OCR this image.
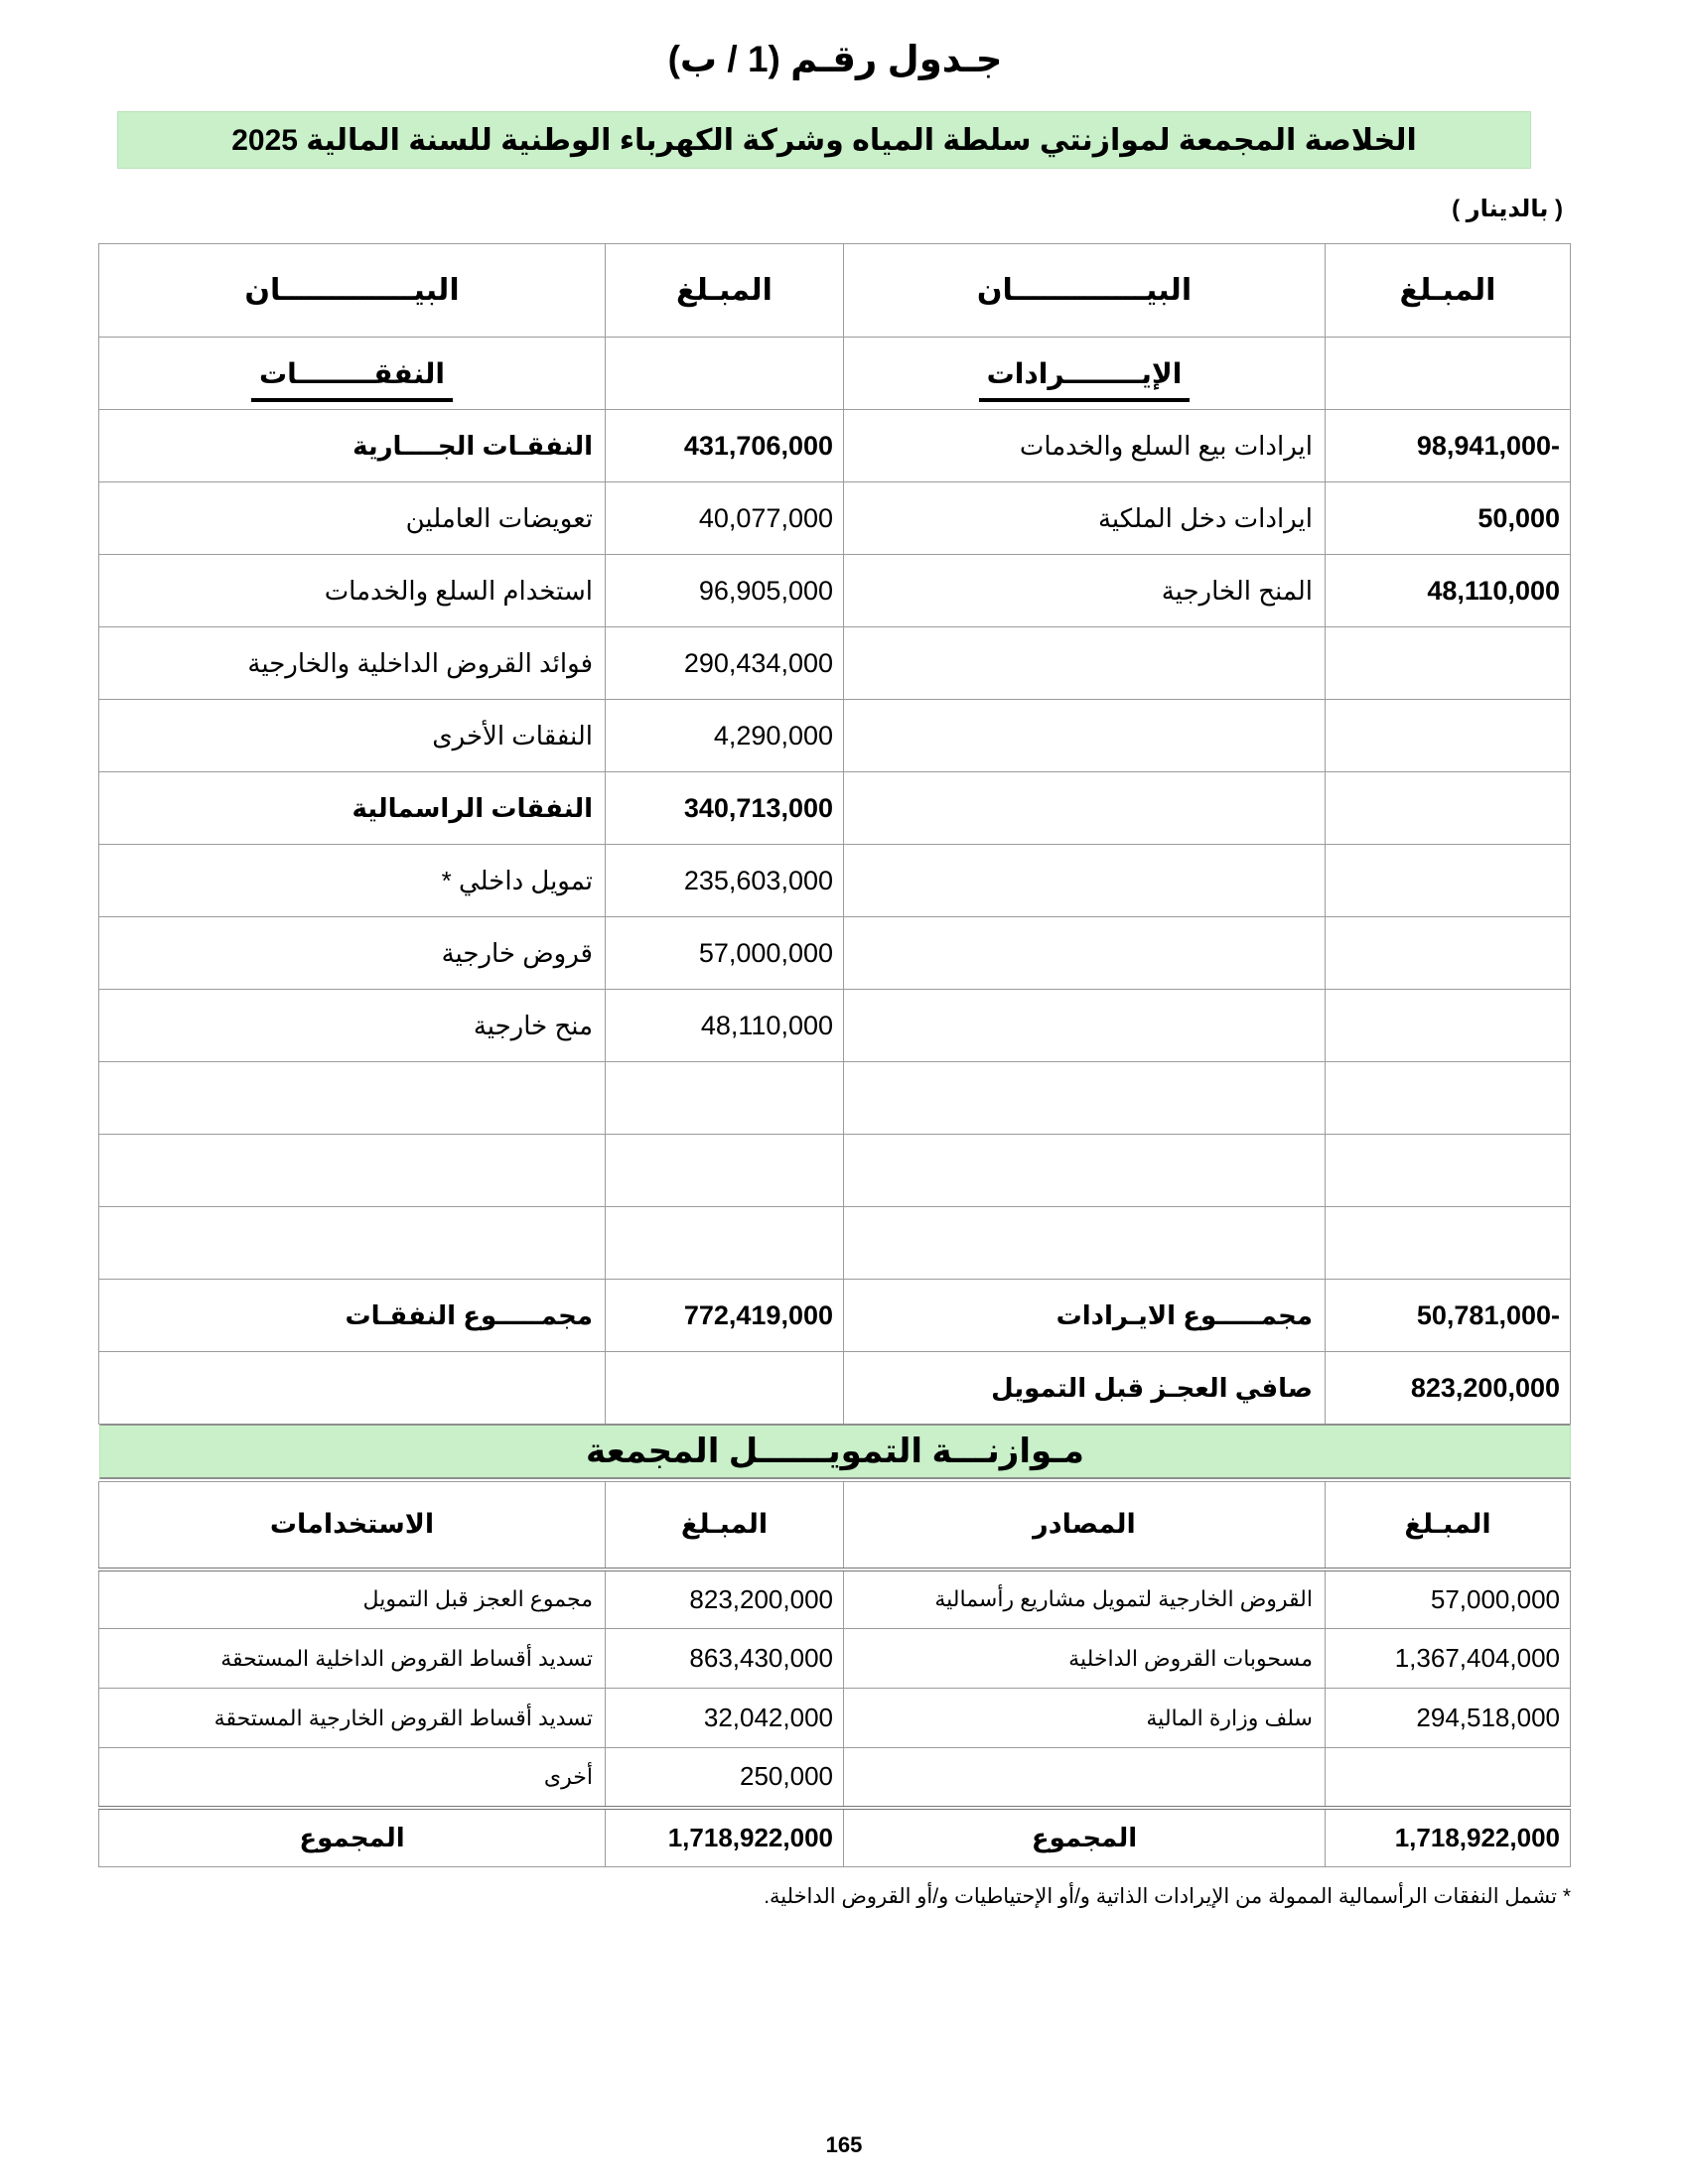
جـدول رقـم (1 / ب)
الخلاصة المجمعة لموازنتي سلطة المياه وشركة الكهرباء الوطنية للسنة المالية 2025
( بالدينار )
المبـلغ	البيـــــــــــــان	المبـلغ	البيـــــــــــــان
	الإيــــــــرادات		النفقــــــــات
98,941,000-	ايرادات بيع السلع والخدمات	431,706,000	النفقـات الجــــارية
50,000	ايرادات دخل الملكية	40,077,000	تعويضات العاملين
48,110,000	المنح الخارجية	96,905,000	استخدام السلع والخدمات
		290,434,000	فوائد القروض الداخلية والخارجية
		4,290,000	النفقات الأخرى
		340,713,000	النفقات الراسمالية
		235,603,000	تمويل داخلي *
		57,000,000	قروض خارجية
		48,110,000	منح خارجية

50,781,000-	مجمـــــوع الايـرادات	772,419,000	مجمـــــوع النفقـات
823,200,000	صافي العجـز قبل التمويل		
مـوازنـــة التمويــــــل المجمعة
المبـلغ	المصادر	المبـلغ	الاستخدامات
57,000,000	القروض الخارجية لتمويل مشاريع رأسمالية	823,200,000	مجموع العجز قبل التمويل
1,367,404,000	مسحوبات القروض الداخلية	863,430,000	تسديد أقساط القروض الداخلية المستحقة
294,518,000	سلف وزارة المالية	32,042,000	تسديد أقساط القروض الخارجية المستحقة
		250,000	أخرى
1,718,922,000	المجموع	1,718,922,000	المجموع
* تشمل النفقات الرأسمالية الممولة من الإيرادات الذاتية و/أو الإحتياطيات و/أو القروض الداخلية.
165
